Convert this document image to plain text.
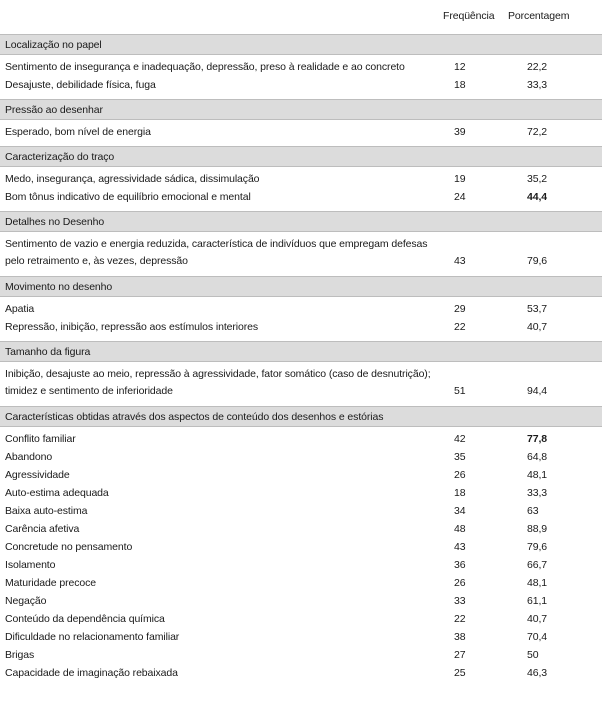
Freqüência	Porcentagem
Localização no papel
Sentimento de insegurança e inadequação, depressão, preso à realidade e ao concreto	12	22,2
Desajuste, debilidade física, fuga	18	33,3
Pressão ao desenhar
Esperado, bom nível de energia	39	72,2
Caracterização do traço
Medo, insegurança, agressividade sádica, dissimulação	19	35,2
Bom tônus indicativo de equilíbrio emocional e mental	24	44,4
Detalhes no Desenho
Sentimento de vazio e energia reduzida, característica de indivíduos que empregam defesas pelo retraimento e, às vezes, depressão	43	79,6
Movimento no desenho
Apatia	29	53,7
Repressão, inibição, repressão aos estímulos interiores	22	40,7
Tamanho da figura
Inibição, desajuste ao meio, repressão à agressividade, fator somático (caso de desnutrição); timidez e sentimento de inferioridade	51	94,4
Características obtidas através dos aspectos de conteúdo dos desenhos e estórias
Conflito familiar	42	77,8
Abandono	35	64,8
Agressividade	26	48,1
Auto-estima adequada	18	33,3
Baixa auto-estima	34	63
Carência afetiva	48	88,9
Concretude no pensamento	43	79,6
Isolamento	36	66,7
Maturidade precoce	26	48,1
Negação	33	61,1
Conteúdo da dependência química	22	40,7
Dificuldade no relacionamento familiar	38	70,4
Brigas	27	50
Capacidade de imaginação rebaixada	25	46,3
